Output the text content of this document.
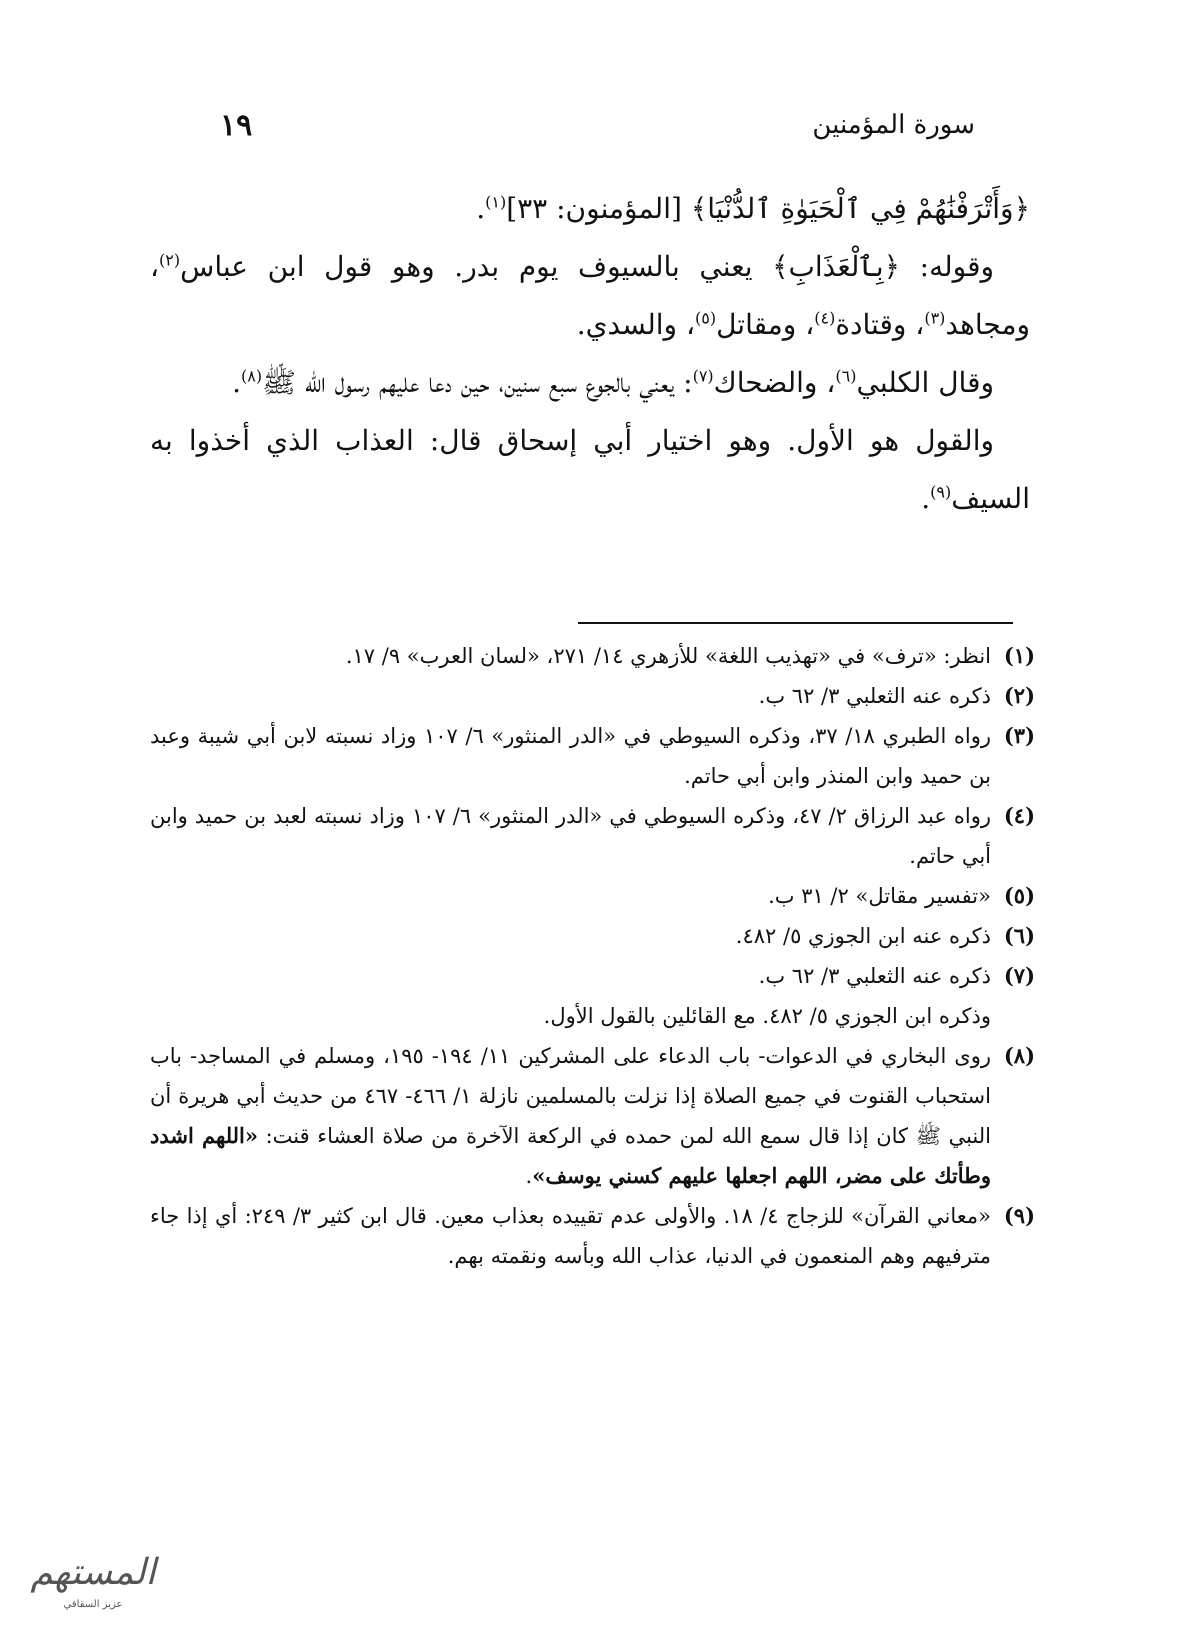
١٩	سورة المؤمنين

﴿وَأَتْرَفْنَٰهُمْ فِي ٱلْحَيَوٰةِ ٱلدُّنْيَا﴾ [المؤمنون: ٣٣]$^{(١)}$.

وقوله: ﴿بِٱلْعَذَابِ﴾ يعني بالسيوف يوم بدر. وهو قول ابن عباس$^{(٢)}$، ومجاهد$^{(٣)}$، وقتادة$^{(٤)}$، ومقاتل$^{(٥)}$، والسدي.

وقال الكلبي$^{(٦)}$، والضحاك$^{(٧)}$: يعني بالجوع سبع سنين، حين دعا عليهم رسول الله ﷺ$^{(٨)}$.

والقول هو الأول. وهو اختيار أبي إسحاق قال: العذاب الذي أخذوا به السيف$^{(٩)}$.

(١)
انظر: «ترف» في «تهذيب اللغة» للأزهري ١٤/ ٢٧١، «لسان العرب» ٩/ ١٧.
(٢)
ذكره عنه الثعلبي ٣/ ٦٢ ب.
(٣)
رواه الطبري ١٨/ ٣٧، وذكره السيوطي في «الدر المنثور» ٦/ ١٠٧ وزاد نسبته لابن أبي شيبة وعبد بن حميد وابن المنذر وابن أبي حاتم.
(٤)
رواه عبد الرزاق ٢/ ٤٧، وذكره السيوطي في «الدر المنثور» ٦/ ١٠٧ وزاد نسبته لعبد بن حميد وابن أبي حاتم.
(٥)
«تفسير مقاتل» ٢/ ٣١ ب.
(٦)
ذكره عنه ابن الجوزي ٥/ ٤٨٢.
(٧)
ذكره عنه الثعلبي ٣/ ٦٢ ب.
وذكره ابن الجوزي ٥/ ٤٨٢. مع القائلين بالقول الأول.
(٨)
روى البخاري في الدعوات- باب الدعاء على المشركين ١١/ ١٩٤- ١٩٥، ومسلم في المساجد- باب استحباب القنوت في جميع الصلاة إذا نزلت بالمسلمين نازلة ١/ ٤٦٦- ٤٦٧ من حديث أبي هريرة أن النبي ﷺ كان إذا قال سمع الله لمن حمده في الركعة الآخرة من صلاة العشاء قنت: «اللهم اشدد وطأتك على مضر، اللهم اجعلها عليهم كسني يوسف».
(٩)
«معاني القرآن» للزجاج ٤/ ١٨. والأولى عدم تقييده بعذاب معين. قال ابن كثير ٣/ ٢٤٩: أي إذا جاء مترفيهم وهم المنعمون في الدنيا، عذاب الله وبأسه ونقمته بهم.
المستهم
عزيز السقاقي
